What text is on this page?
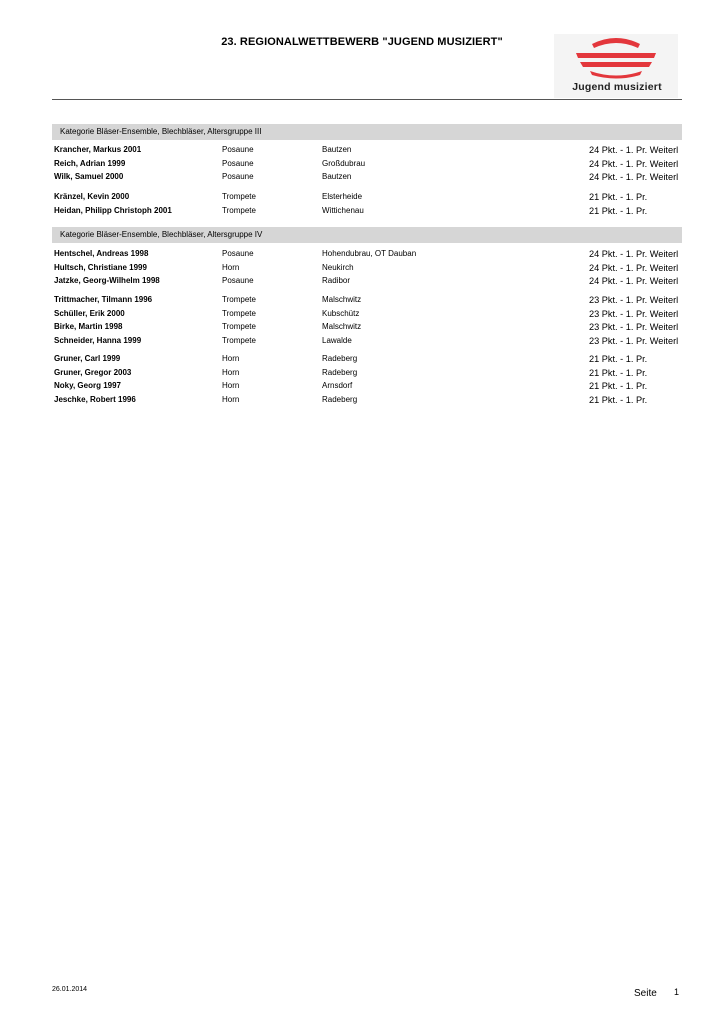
23. REGIONALWETTBEWERB "JUGEND MUSIZIERT"
Jugend musiziert
Kategorie Bläser-Ensemble, Blechbläser, Altersgruppe III
Krancher, Markus 2001	Posaune	Bautzen	24 Pkt. - 1. Pr. Weiterl
Reich, Adrian 1999	Posaune	Großdubrau	24 Pkt. - 1. Pr. Weiterl
Wilk, Samuel 2000	Posaune	Bautzen	24 Pkt. - 1. Pr. Weiterl
Kränzel, Kevin 2000	Trompete	Elsterheide	21 Pkt. - 1. Pr.
Heidan, Philipp Christoph 2001	Trompete	Wittichenau	21 Pkt. - 1. Pr.
Kategorie Bläser-Ensemble, Blechbläser, Altersgruppe IV
Hentschel, Andreas 1998	Posaune	Hohendubrau, OT Dauban	24 Pkt. - 1. Pr. Weiterl
Hultsch, Christiane 1999	Horn	Neukirch	24 Pkt. - 1. Pr. Weiterl
Jatzke, Georg-Wilhelm 1998	Posaune	Radibor	24 Pkt. - 1. Pr. Weiterl
Trittmacher, Tilmann 1996	Trompete	Malschwitz	23 Pkt. - 1. Pr. Weiterl
Schüller, Erik 2000	Trompete	Kubschütz	23 Pkt. - 1. Pr. Weiterl
Birke, Martin 1998	Trompete	Malschwitz	23 Pkt. - 1. Pr. Weiterl
Schneider, Hanna 1999	Trompete	Lawalde	23 Pkt. - 1. Pr. Weiterl
Gruner, Carl 1999	Horn	Radeberg	21 Pkt. - 1. Pr.
Gruner, Gregor 2003	Horn	Radeberg	21 Pkt. - 1. Pr.
Noky, Georg 1997	Horn	Arnsdorf	21 Pkt. - 1. Pr.
Jeschke, Robert 1996	Horn	Radeberg	21 Pkt. - 1. Pr.
26.01.2014	Seite 1
